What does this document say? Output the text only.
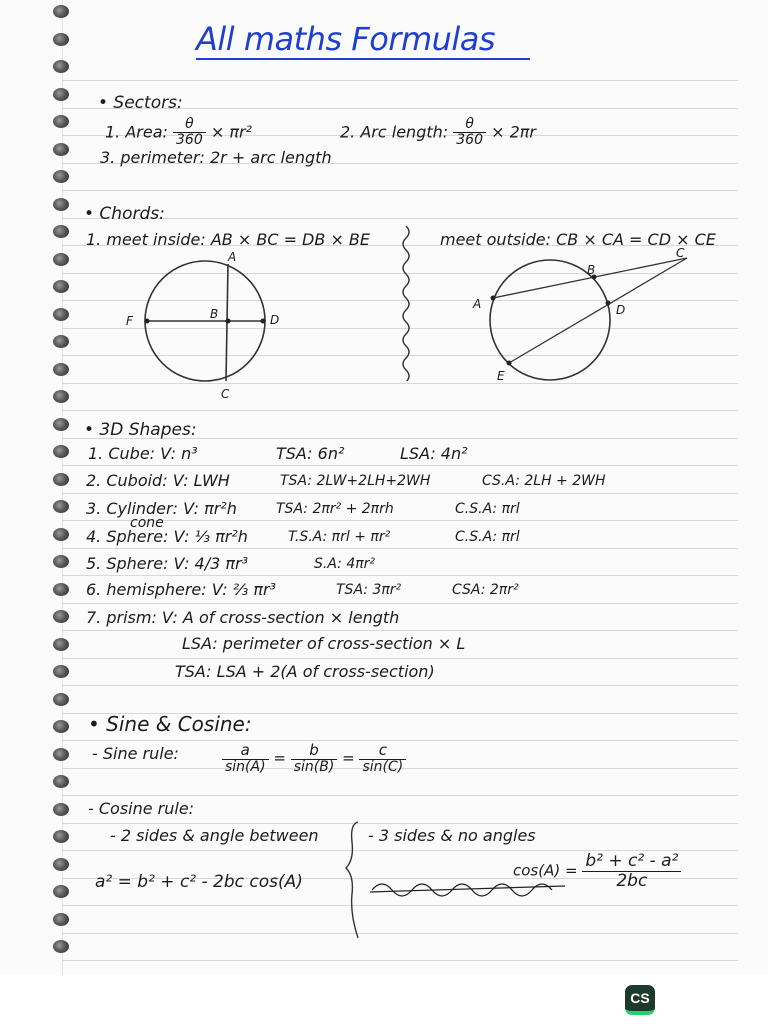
All maths Formulas
• Sectors:
1. Area: $\frac{\theta}{360} \times \pi r^2$	2. Arc length: $\frac{\theta}{360} \times 2\pi r$
3. perimeter: 2r + arc length
• Chords:
1. meet inside: AB × BC = DB × BE	meet outside: CB × CA = CD × CE
A
B
C
D
F
A
B
C
D
E
• 3D Shapes:
1. Cube: V: n³	TSA: 6n²	LSA: 4n²
2. Cuboid: V: LWH	TSA: 2LW+2LH+2WH	CS.A: 2LH + 2WH
3. Cylinder: V: πr²h	TSA: 2πr² + 2πrh	C.S.A: πrl
cone
4. Sphere: V: ⅓ πr²h	T.S.A: πrl + πr²	C.S.A: πrl
5. Sphere: V: 4/3 πr³	S.A: 4πr²
6. hemisphere: V: ⅔ πr³	TSA: 3πr²	CSA: 2πr²
7. prism: V: A of cross-section × length
LSA: perimeter of cross-section × L
TSA: LSA + 2(A of cross-section)
• Sine & Cosine:
- Sine rule:	$\frac{a}{\sin(A)} = \frac{b}{\sin(B)} = \frac{c}{\sin(C)}$
- Cosine rule:
- 2 sides & angle between	- 3 sides & no angles
a² = b² + c² - 2bc cos(A)
$\cos(A) = \frac{\text{b² + c² - a²}}{2bc}$
CS
